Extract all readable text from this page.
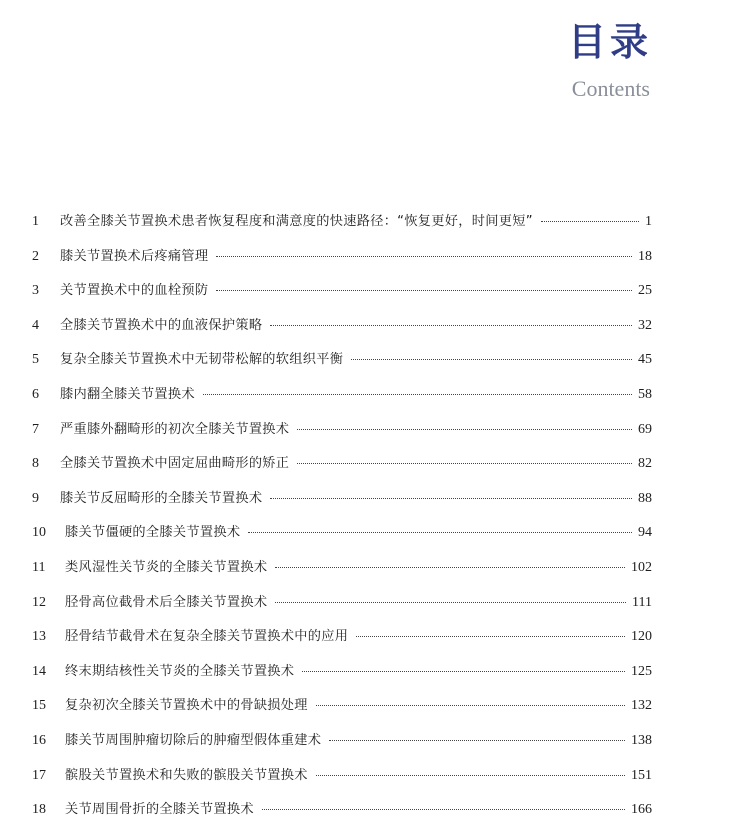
目录
Contents
1	改善全膝关节置换术患者恢复程度和满意度的快速路径：“恢复更好，时间更短”	1
2	膝关节置换术后疼痛管理	18
3	关节置换术中的血栓预防	25
4	全膝关节置换术中的血液保护策略	32
5	复杂全膝关节置换术中无韧带松解的软组织平衡	45
6	膝内翻全膝关节置换术	58
7	严重膝外翻畸形的初次全膝关节置换术	69
8	全膝关节置换术中固定屈曲畸形的矫正	82
9	膝关节反屈畸形的全膝关节置换术	88
10	膝关节僵硬的全膝关节置换术	94
11	类风湿性关节炎的全膝关节置换术	102
12	胫骨高位截骨术后全膝关节置换术	111
13	胫骨结节截骨术在复杂全膝关节置换术中的应用	120
14	终末期结核性关节炎的全膝关节置换术	125
15	复杂初次全膝关节置换术中的骨缺损处理	132
16	膝关节周围肿瘤切除后的肿瘤型假体重建术	138
17	髌股关节置换术和失败的髌股关节置换术	151
18	关节周围骨折的全膝关节置换术	166
